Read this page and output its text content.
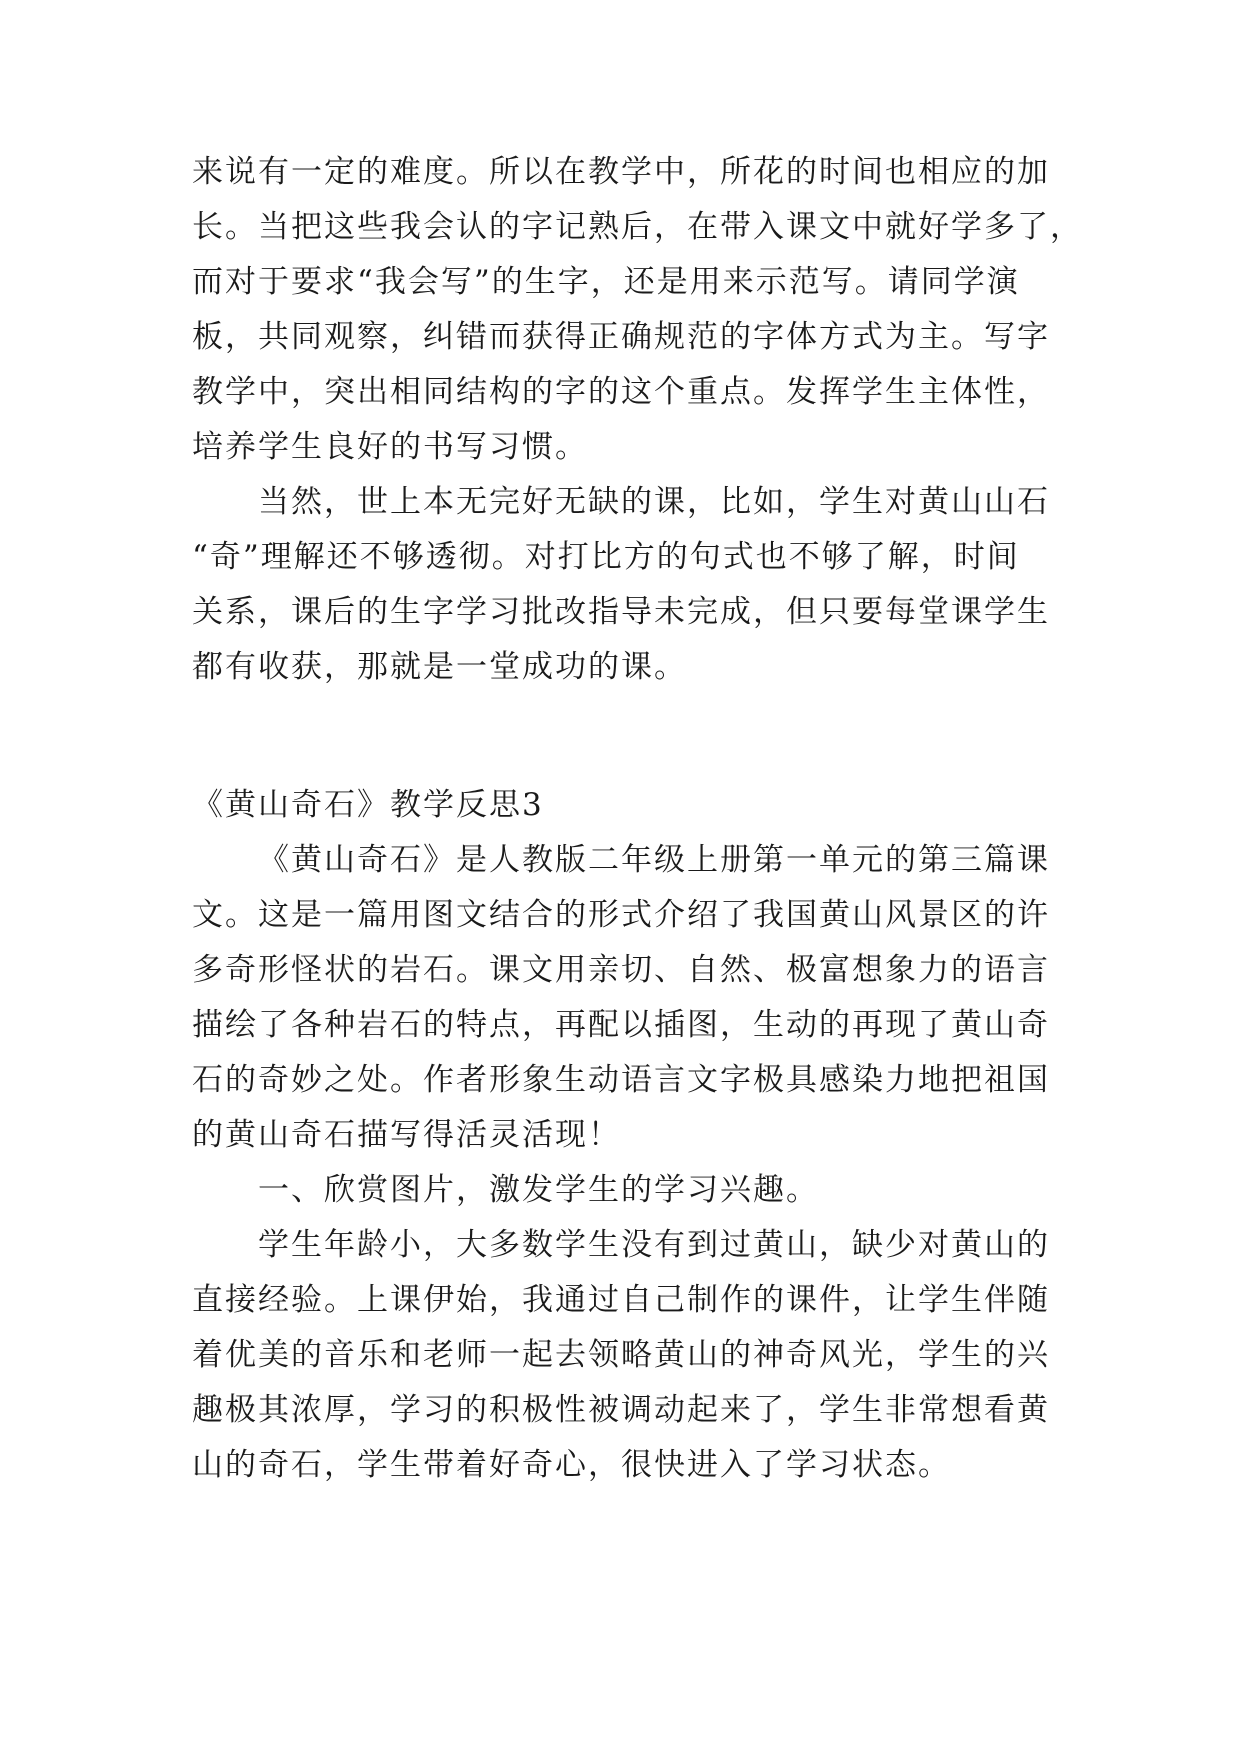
来说有一定的难度。所以在教学中，所花的时间也相应的加
长。当把这些我会认的字记熟后，在带入课文中就好学多了，
而对于要求“我会写”的生字，还是用来示范写。请同学演
板，共同观察，纠错而获得正确规范的字体方式为主。写字
教学中，突出相同结构的字的这个重点。发挥学生主体性，
培养学生良好的书写习惯。
当然，世上本无完好无缺的课，比如，学生对黄山山石
“奇”理解还不够透彻。对打比方的句式也不够了解，时间
关系，课后的生字学习批改指导未完成，但只要每堂课学生
都有收获，那就是一堂成功的课。
《黄山奇石》教学反思3
《黄山奇石》是人教版二年级上册第一单元的第三篇课
文。这是一篇用图文结合的形式介绍了我国黄山风景区的许
多奇形怪状的岩石。课文用亲切、自然、极富想象力的语言
描绘了各种岩石的特点，再配以插图，生动的再现了黄山奇
石的奇妙之处。作者形象生动语言文字极具感染力地把祖国
的黄山奇石描写得活灵活现！
一、欣赏图片，激发学生的学习兴趣。
学生年龄小，大多数学生没有到过黄山，缺少对黄山的
直接经验。上课伊始，我通过自己制作的课件，让学生伴随
着优美的音乐和老师一起去领略黄山的神奇风光，学生的兴
趣极其浓厚，学习的积极性被调动起来了，学生非常想看黄
山的奇石，学生带着好奇心，很快进入了学习状态。
